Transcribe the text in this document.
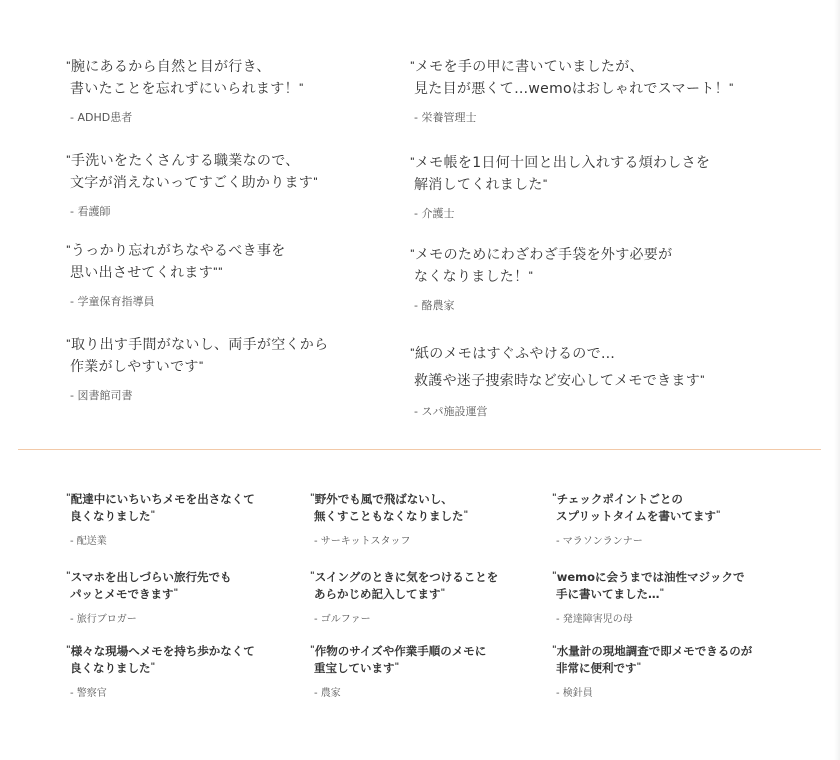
"腕にあるから自然と目が行き、
書いたことを忘れずにいられます！"
- ADHD患者
"メモを手の甲に書いていましたが、
見た目が悪くて…wemoはおしゃれでスマート！"
- 栄養管理士
"手洗いをたくさんする職業なので、
文字が消えないってすごく助かります"
- 看護師
"メモ帳を1日何十回と出し入れする煩わしさを
解消してくれました"
- 介護士
"うっかり忘れがちなやるべき事を
思い出させてくれます""
- 学童保育指導員
"メモのためにわざわざ手袋を外す必要が
なくなりました！"
- 酪農家
"取り出す手間がないし、両手が空くから
作業がしやすいです"
- 図書館司書
"紙のメモはすぐふやけるので…
救護や迷子捜索時など安心してメモできます"
- スパ施設運営
"配達中にいちいちメモを出さなくて
良くなりました"
- 配送業
"野外でも風で飛ばないし、
無くすこともなくなりました"
- サーキットスタッフ
"チェックポイントごとの
スプリットタイムを書いてます"
- マラソンランナー
"スマホを出しづらい旅行先でも
パッとメモできます"
- 旅行ブロガー
"スイングのときに気をつけることを
あらかじめ記入してます"
- ゴルファー
"wemoに会うまでは油性マジックで
手に書いてました…"
- 発達障害児の母
"様々な現場へメモを持ち歩かなくて
良くなりました"
- 警察官
"作物のサイズや作業手順のメモに
重宝しています"
- 農家
"水量計の現地調査で即メモできるのが
非常に便利です"
- 検針員
